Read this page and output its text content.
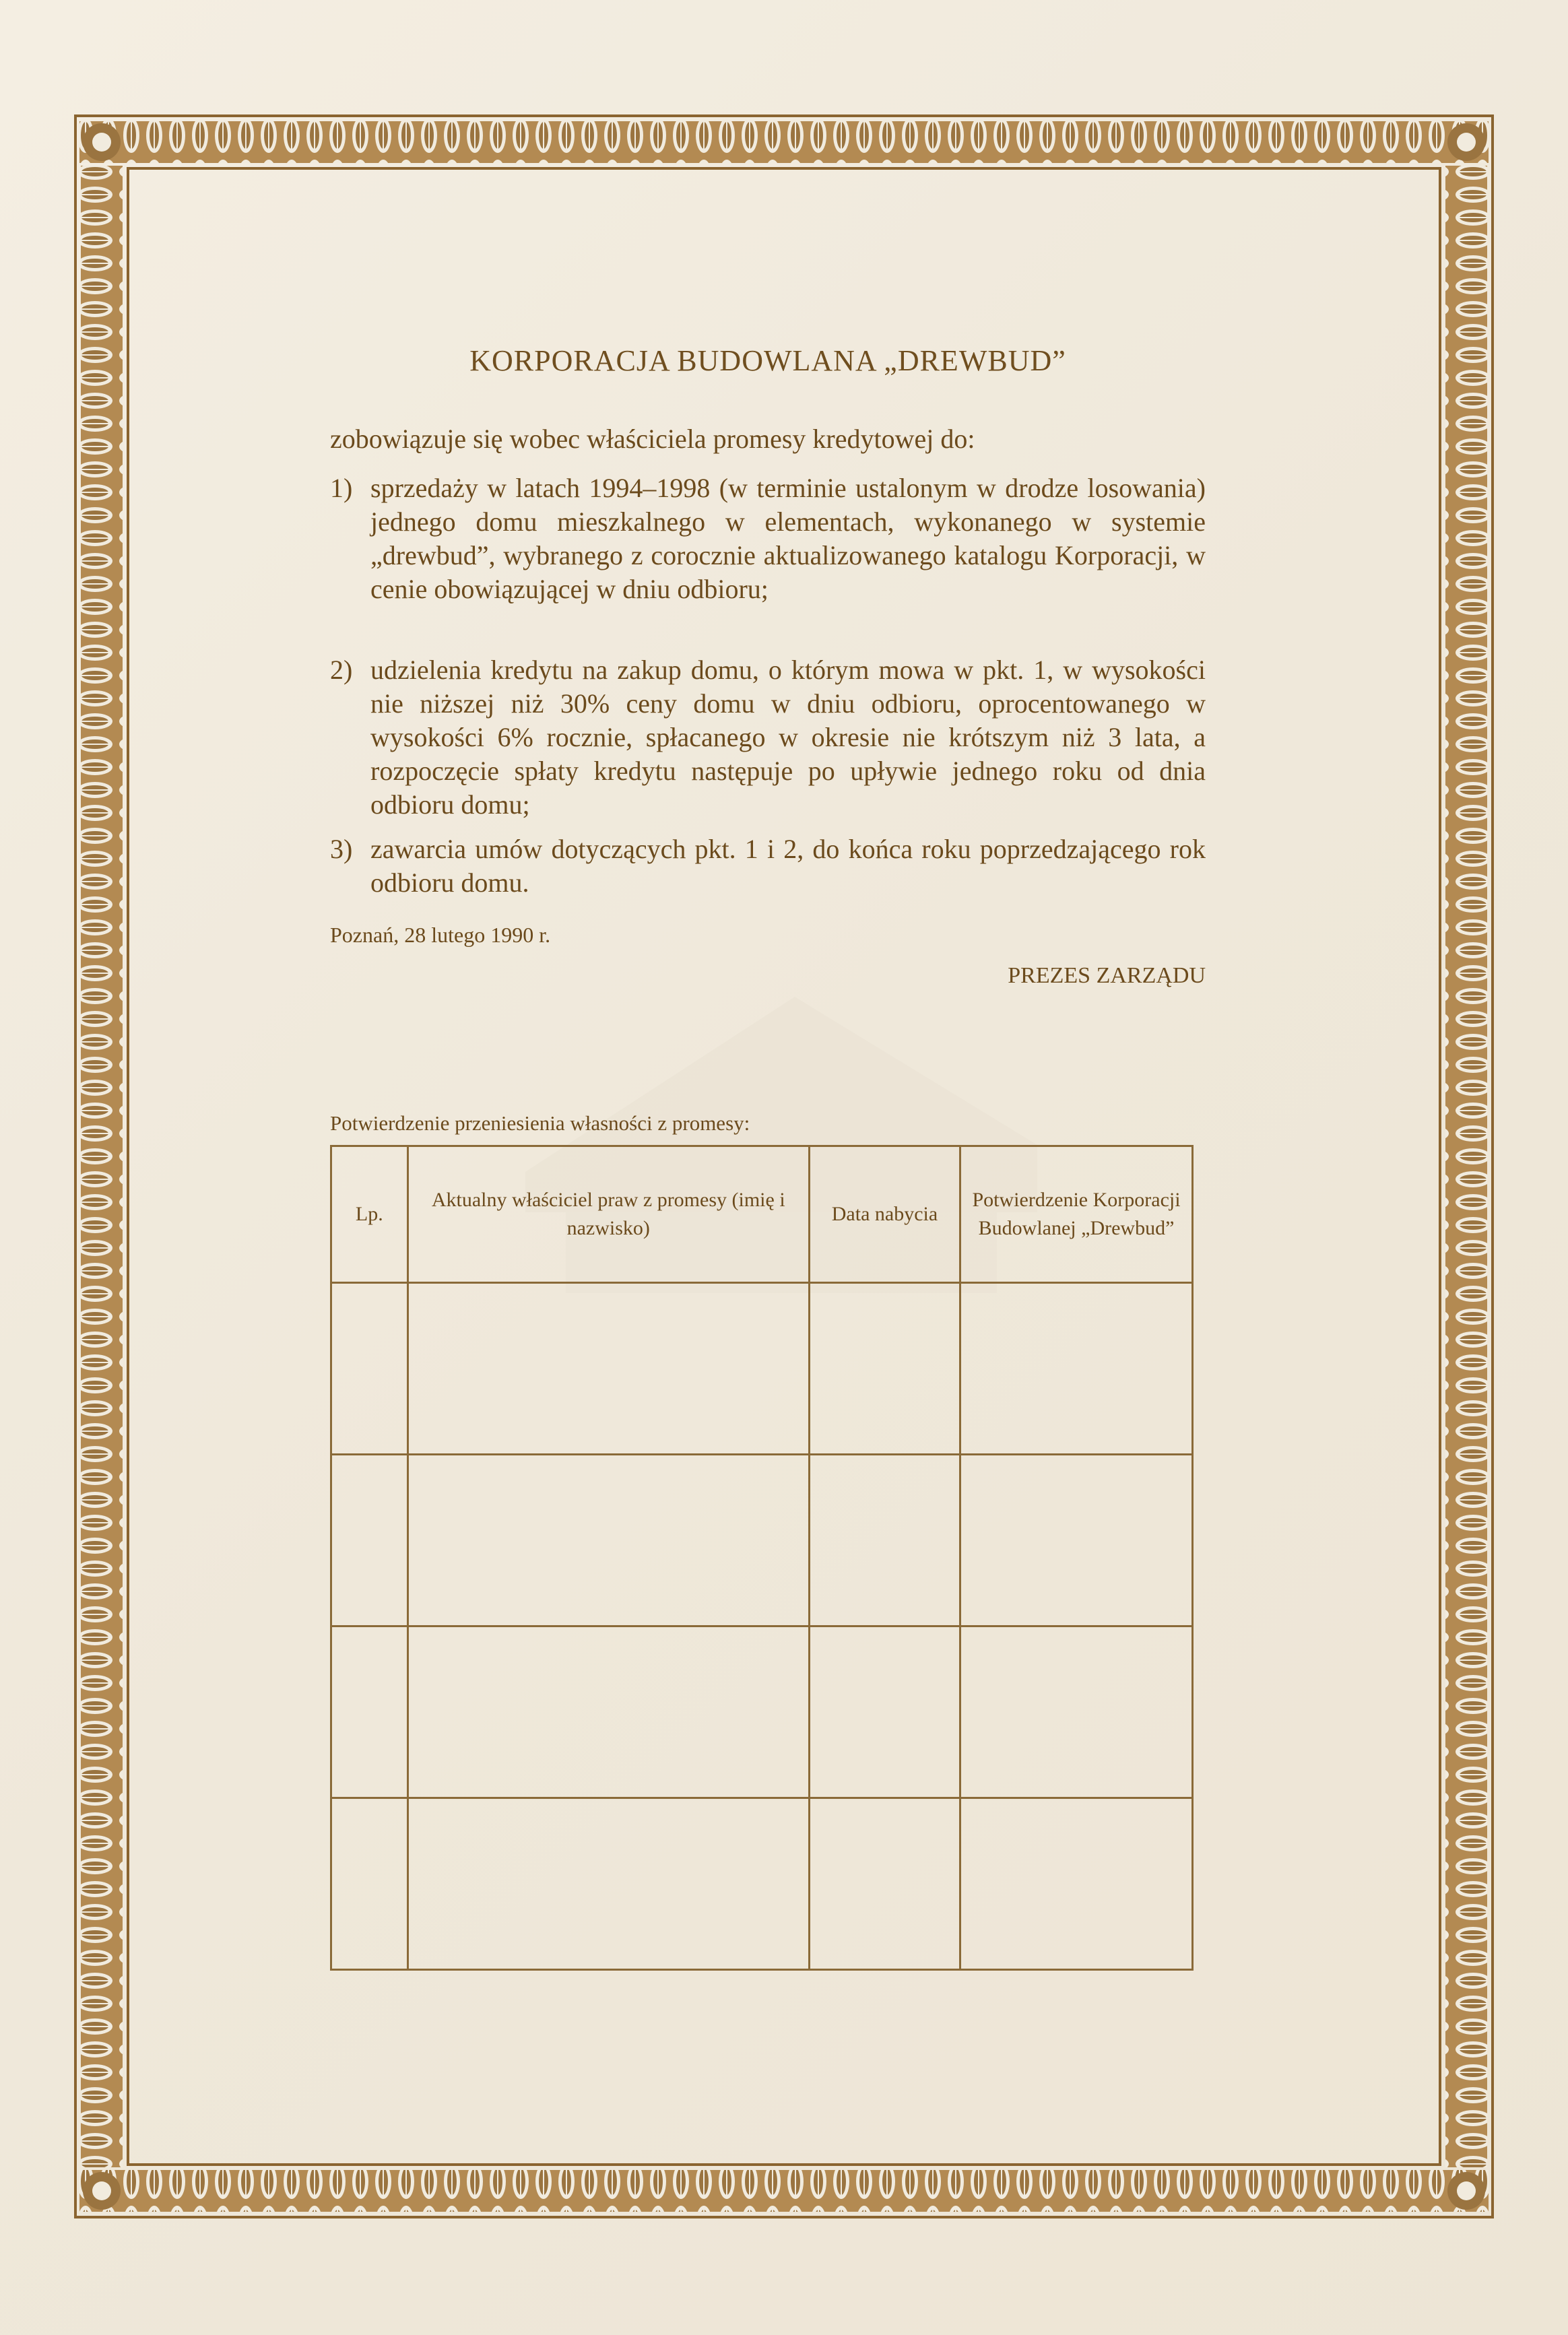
KORPORACJA BUDOWLANA „DREWBUD”
zobowiązuje się wobec właściciela promesy kredytowej do:
1) sprzedaży w latach 1994–1998 (w terminie ustalonym w drodze losowania) jednego domu mieszkalnego w elementach, wykonanego w systemie „drewbud”, wybranego z corocznie aktualizowanego katalogu Korporacji, w cenie obowiązującej w dniu odbioru;
2) udzielenia kredytu na zakup domu, o którym mowa w pkt. 1, w wysokości nie niższej niż 30% ceny domu w dniu odbioru, oprocentowanego w wysokości 6% rocznie, spłacanego w okresie nie krótszym niż 3 lata, a rozpoczęcie spłaty kredytu następuje po upływie jednego roku od dnia odbioru domu;
3) zawarcia umów dotyczących pkt. 1 i 2, do końca roku poprzedzającego rok odbioru domu.
Poznań, 28 lutego 1990 r.
PREZES ZARZĄDU
Potwierdzenie przeniesienia własności z promesy:
Lp.	Aktualny właściciel praw z promesy (imię i nazwisko)	Data nabycia	Potwierdzenie Korporacji Budowlanej „Drewbud”
